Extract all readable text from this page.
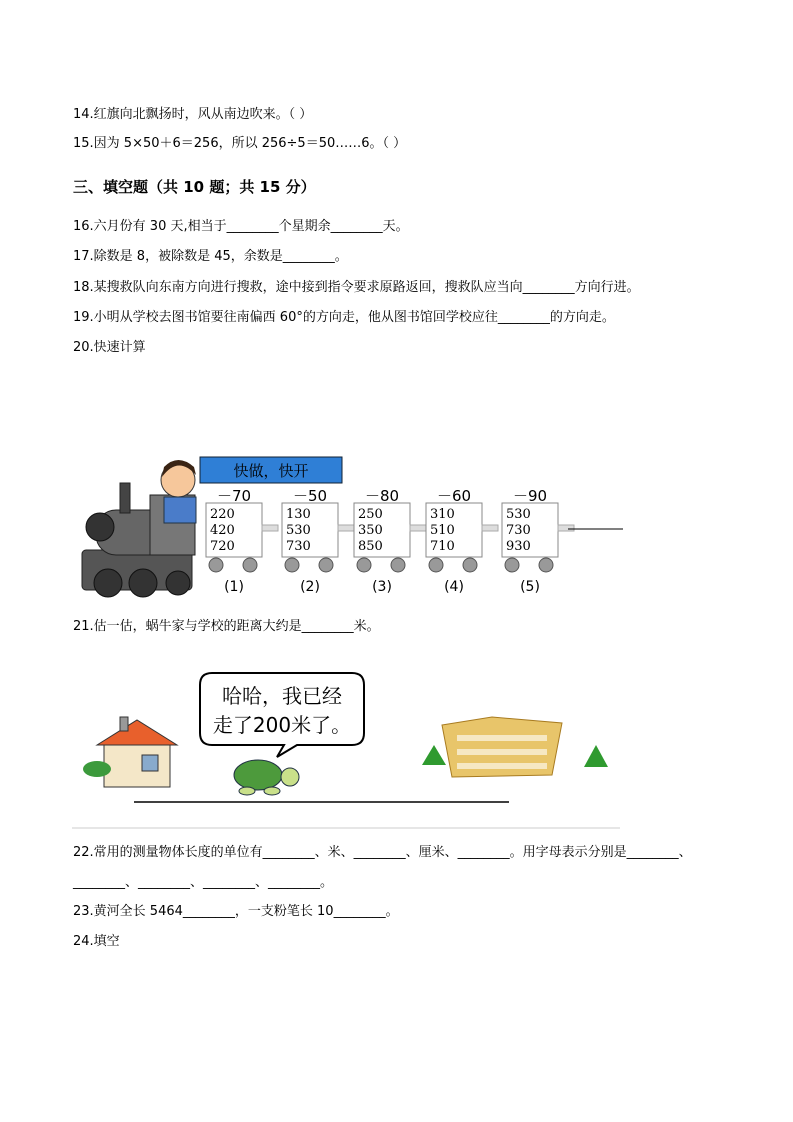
14.红旗向北飘扬时，风从南边吹来。（ ）
15.因为 5×50＋6＝256，所以 256÷5＝50……6。（ ）
三、填空题（共 10 题；共 15 分）
16.六月份有 30 天,相当于________个星期余________天。
17.除数是 8，被除数是 45，余数是________。
18.某搜救队向东南方向进行搜救，途中接到指令要求原路返回，搜救队应当向________方向行进。
19.小明从学校去图书馆要往南偏西 60°的方向走，他从图书馆回学校应往________的方向走。
20.快速计算
快做，快开
－70
220
420
720
(1)
－50
130
530
730
(2)
－80
250
350
850
(3)
－60
310
510
710
(4)
－90
530
730
930
(5)
21.估一估，蜗牛家与学校的距离大约是________米。
哈哈，我已经
走了200米了。
22.常用的测量物体长度的单位有________、米、________、厘米、________。用字母表示分别是________、
________、________、________、________。
23.黄河全长 5464________，一支粉笔长 10________。
24.填空
